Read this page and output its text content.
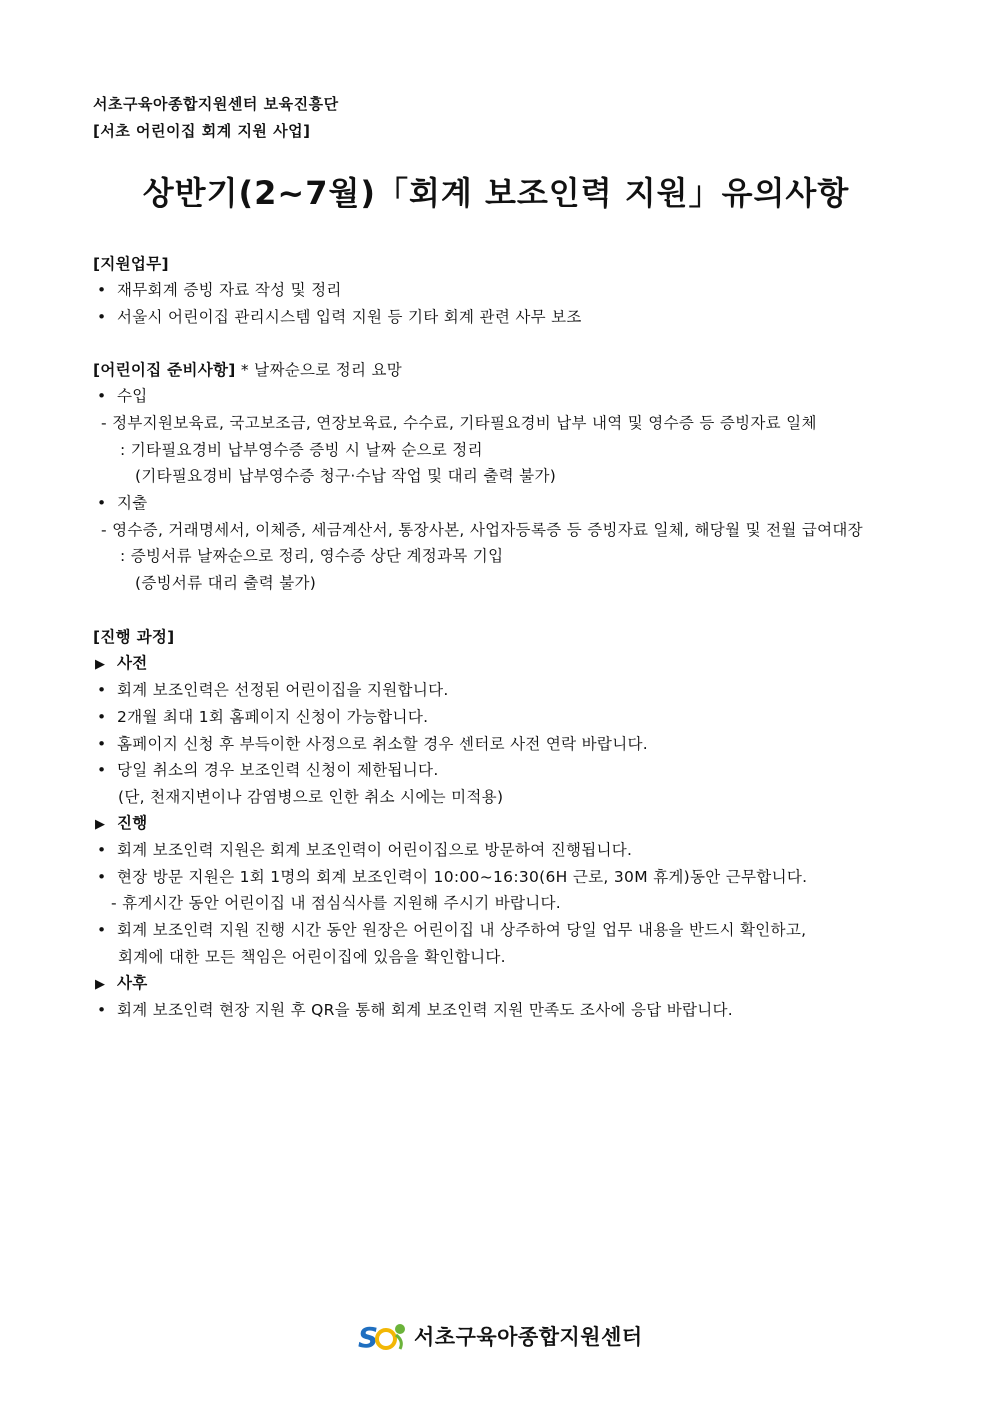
서초구육아종합지원센터 보육진흥단
[서초 어린이집 회계 지원 사업]
상반기(2~7월)「회계 보조인력 지원」유의사항
[지원업무]
• 재무회계 증빙 자료 작성 및 정리
• 서울시 어린이집 관리시스템 입력 지원 등 기타 회계 관련 사무 보조
[어린이집 준비사항] * 날짜순으로 정리 요망
• 수입
- 정부지원보육료, 국고보조금, 연장보육료, 수수료, 기타필요경비 납부 내역 및 영수증 등 증빙자료 일체
: 기타필요경비 납부영수증 증빙 시 날짜 순으로 정리
(기타필요경비 납부영수증 청구·수납 작업 및 대리 출력 불가)
• 지출
- 영수증, 거래명세서, 이체증, 세금계산서, 통장사본, 사업자등록증 등 증빙자료 일체, 해당월 및 전월 급여대장
: 증빙서류 날짜순으로 정리, 영수증 상단 계정과목 기입
(증빙서류 대리 출력 불가)
[진행 과정]
▶ 사전
• 회계 보조인력은 선정된 어린이집을 지원합니다.
• 2개월 최대 1회 홈페이지 신청이 가능합니다.
• 홈페이지 신청 후 부득이한 사정으로 취소할 경우 센터로 사전 연락 바랍니다.
• 당일 취소의 경우 보조인력 신청이 제한됩니다.
(단, 천재지변이나 감염병으로 인한 취소 시에는 미적용)
▶ 진행
• 회계 보조인력 지원은 회계 보조인력이 어린이집으로 방문하여 진행됩니다.
• 현장 방문 지원은 1회 1명의 회계 보조인력이 10:00~16:30(6H 근로, 30M 휴게)동안 근무합니다.
- 휴게시간 동안 어린이집 내 점심식사를 지원해 주시기 바랍니다.
• 회계 보조인력 지원 진행 시간 동안 원장은 어린이집 내 상주하여 당일 업무 내용을 반드시 확인하고,
회계에 대한 모든 책임은 어린이집에 있음을 확인합니다.
▶ 사후
• 회계 보조인력 현장 지원 후 QR을 통해 회계 보조인력 지원 만족도 조사에 응답 바랍니다.
S 서초구육아종합지원센터
